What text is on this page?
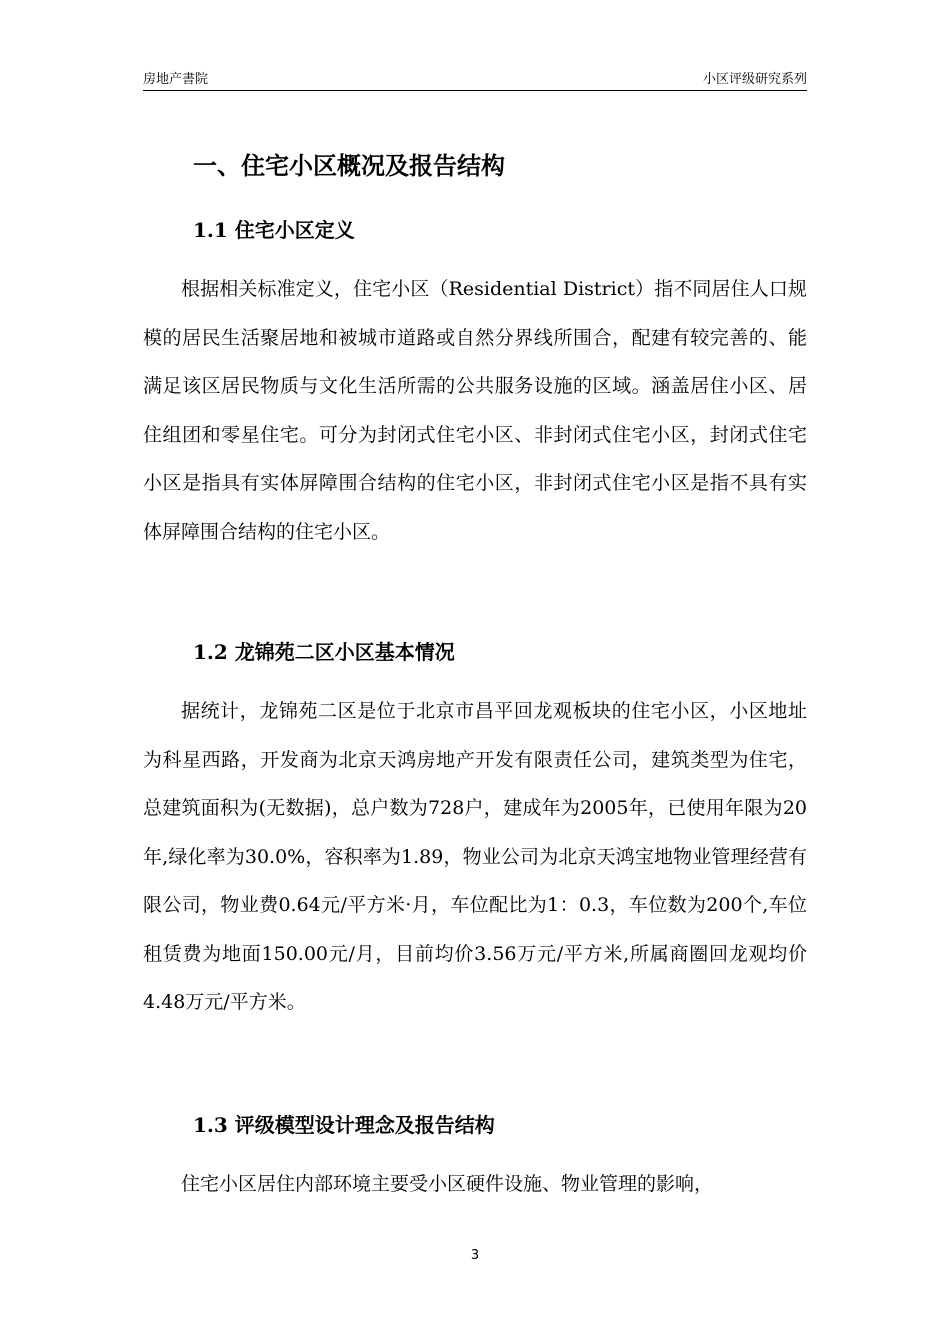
房地产書院	小区评级研究系列
一、住宅小区概况及报告结构
1.1 住宅小区定义

根据相关标准定义，住宅小区（Residential District）指不同居住人口规模的居民生活聚居地和被城市道路或自然分界线所围合，配建有较完善的、能满足该区居民物质与文化生活所需的公共服务设施的区域。涵盖居住小区、居住组团和零星住宅。可分为封闭式住宅小区、非封闭式住宅小区，封闭式住宅小区是指具有实体屏障围合结构的住宅小区，非封闭式住宅小区是指不具有实体屏障围合结构的住宅小区。

1.2 龙锦苑二区小区基本情况

据统计，龙锦苑二区是位于北京市昌平回龙观板块的住宅小区，小区地址为科星西路，开发商为北京天鸿房地产开发有限责任公司，建筑类型为住宅，总建筑面积为(无数据)，总户数为728户，建成年为2005年，已使用年限为20年,绿化率为30.0%，容积率为1.89，物业公司为北京天鸿宝地物业管理经营有限公司，物业费0.64元/平方米·月，车位配比为1：0.3，车位数为200个,车位租赁费为地面150.00元/月，目前均价3.56万元/平方米,所属商圈回龙观均价4.48万元/平方米。

1.3 评级模型设计理念及报告结构

住宅小区居住内部环境主要受小区硬件设施、物业管理的影响，

3
